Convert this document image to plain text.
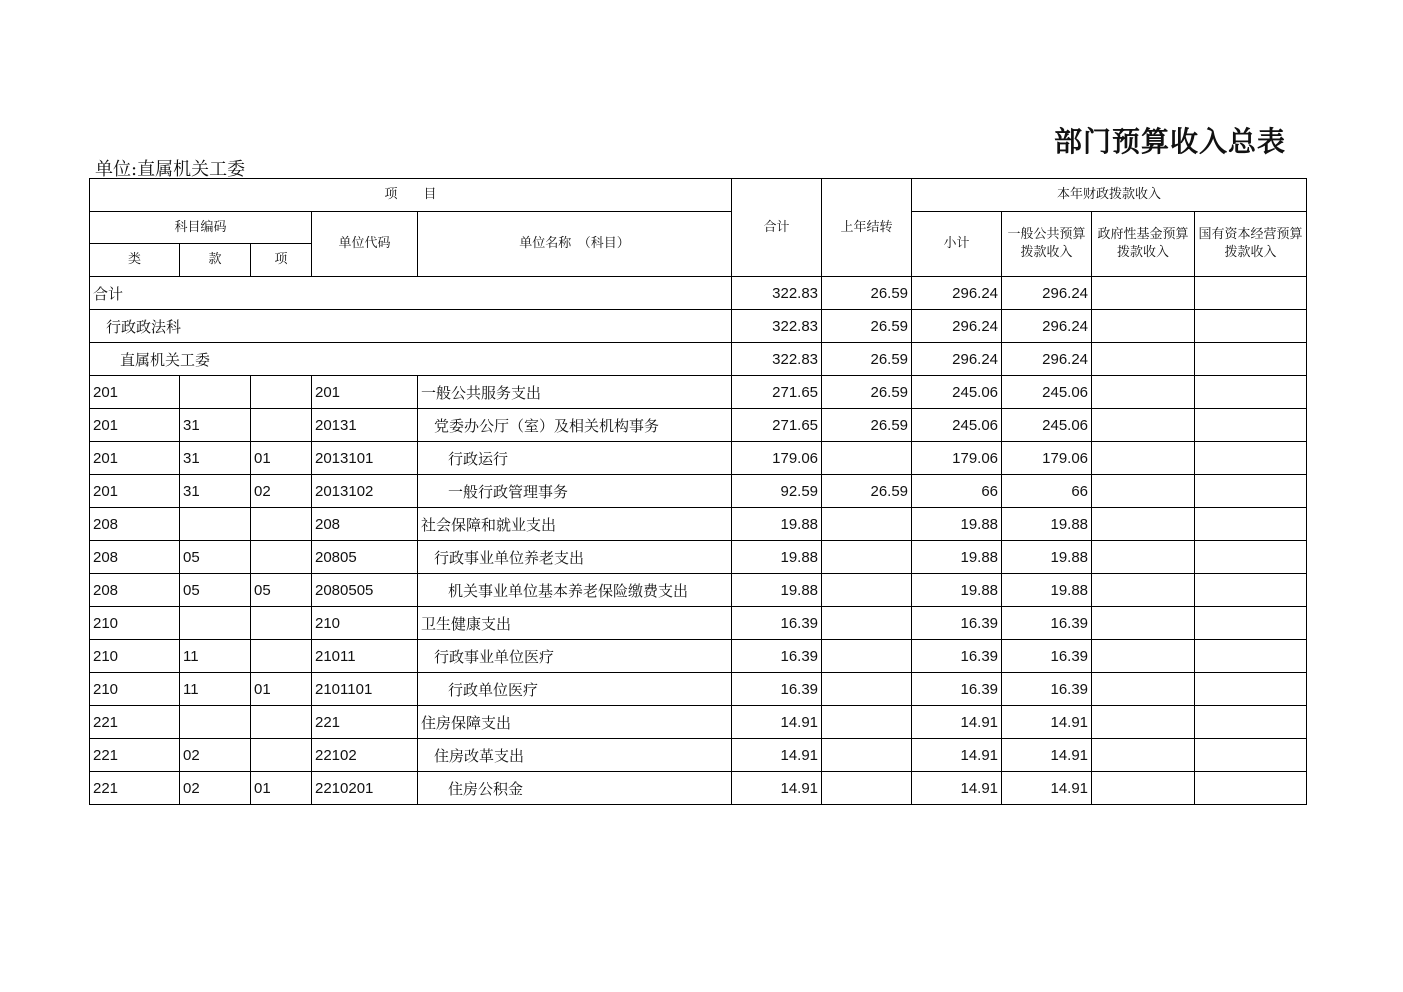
部门预算收入总表
单位:直属机关工委
项　　目					合计	上年结转	本年财政拨款收入			
科目编码			单位代码	单位名称　（科目）			小计	一般公共预算拨款收入	政府性基金预算拨款收入	国有资本经营预算拨款收入
类	款	项								
合计					322.83	26.59	296.24	296.24		
行政政法科					322.83	26.59	296.24	296.24		
直属机关工委					322.83	26.59	296.24	296.24		
201			201	一般公共服务支出	271.65	26.59	245.06	245.06		
201	31		20131	党委办公厅（室）及相关机构事务	271.65	26.59	245.06	245.06		
201	31	01	2013101	行政运行	179.06		179.06	179.06		
201	31	02	2013102	一般行政管理事务	92.59	26.59	66	66		
208			208	社会保障和就业支出	19.88		19.88	19.88		
208	05		20805	行政事业单位养老支出	19.88		19.88	19.88		
208	05	05	2080505	机关事业单位基本养老保险缴费支出	19.88		19.88	19.88		
210			210	卫生健康支出	16.39		16.39	16.39		
210	11		21011	行政事业单位医疗	16.39		16.39	16.39		
210	11	01	2101101	行政单位医疗	16.39		16.39	16.39		
221			221	住房保障支出	14.91		14.91	14.91		
221	02		22102	住房改革支出	14.91		14.91	14.91		
221	02	01	2210201	住房公积金	14.91		14.91	14.91		
